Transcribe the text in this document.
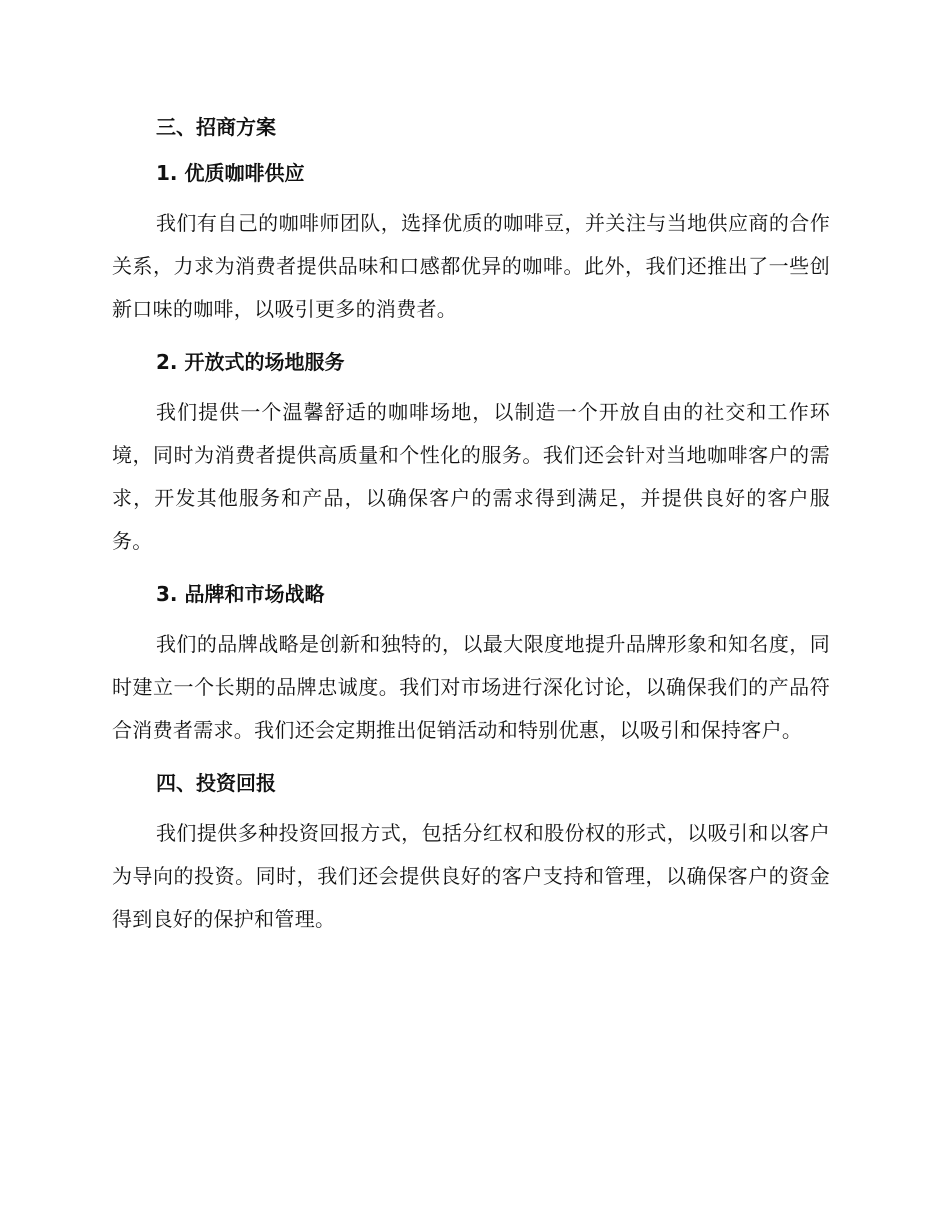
三、招商方案
1. 优质咖啡供应

我们有自己的咖啡师团队，选择优质的咖啡豆，并关注与当地供应商的合作关系，力求为消费者提供品味和口感都优异的咖啡。此外，我们还推出了一些创新口味的咖啡，以吸引更多的消费者。

2. 开放式的场地服务

我们提供一个温馨舒适的咖啡场地，以制造一个开放自由的社交和工作环境，同时为消费者提供高质量和个性化的服务。我们还会针对当地咖啡客户的需求，开发其他服务和产品，以确保客户的需求得到满足，并提供良好的客户服务。

3. 品牌和市场战略

我们的品牌战略是创新和独特的，以最大限度地提升品牌形象和知名度，同时建立一个长期的品牌忠诚度。我们对市场进行深化讨论，以确保我们的产品符合消费者需求。我们还会定期推出促销活动和特别优惠，以吸引和保持客户。

四、投资回报

我们提供多种投资回报方式，包括分红权和股份权的形式，以吸引和以客户为导向的投资。同时，我们还会提供良好的客户支持和管理，以确保客户的资金得到良好的保护和管理。
